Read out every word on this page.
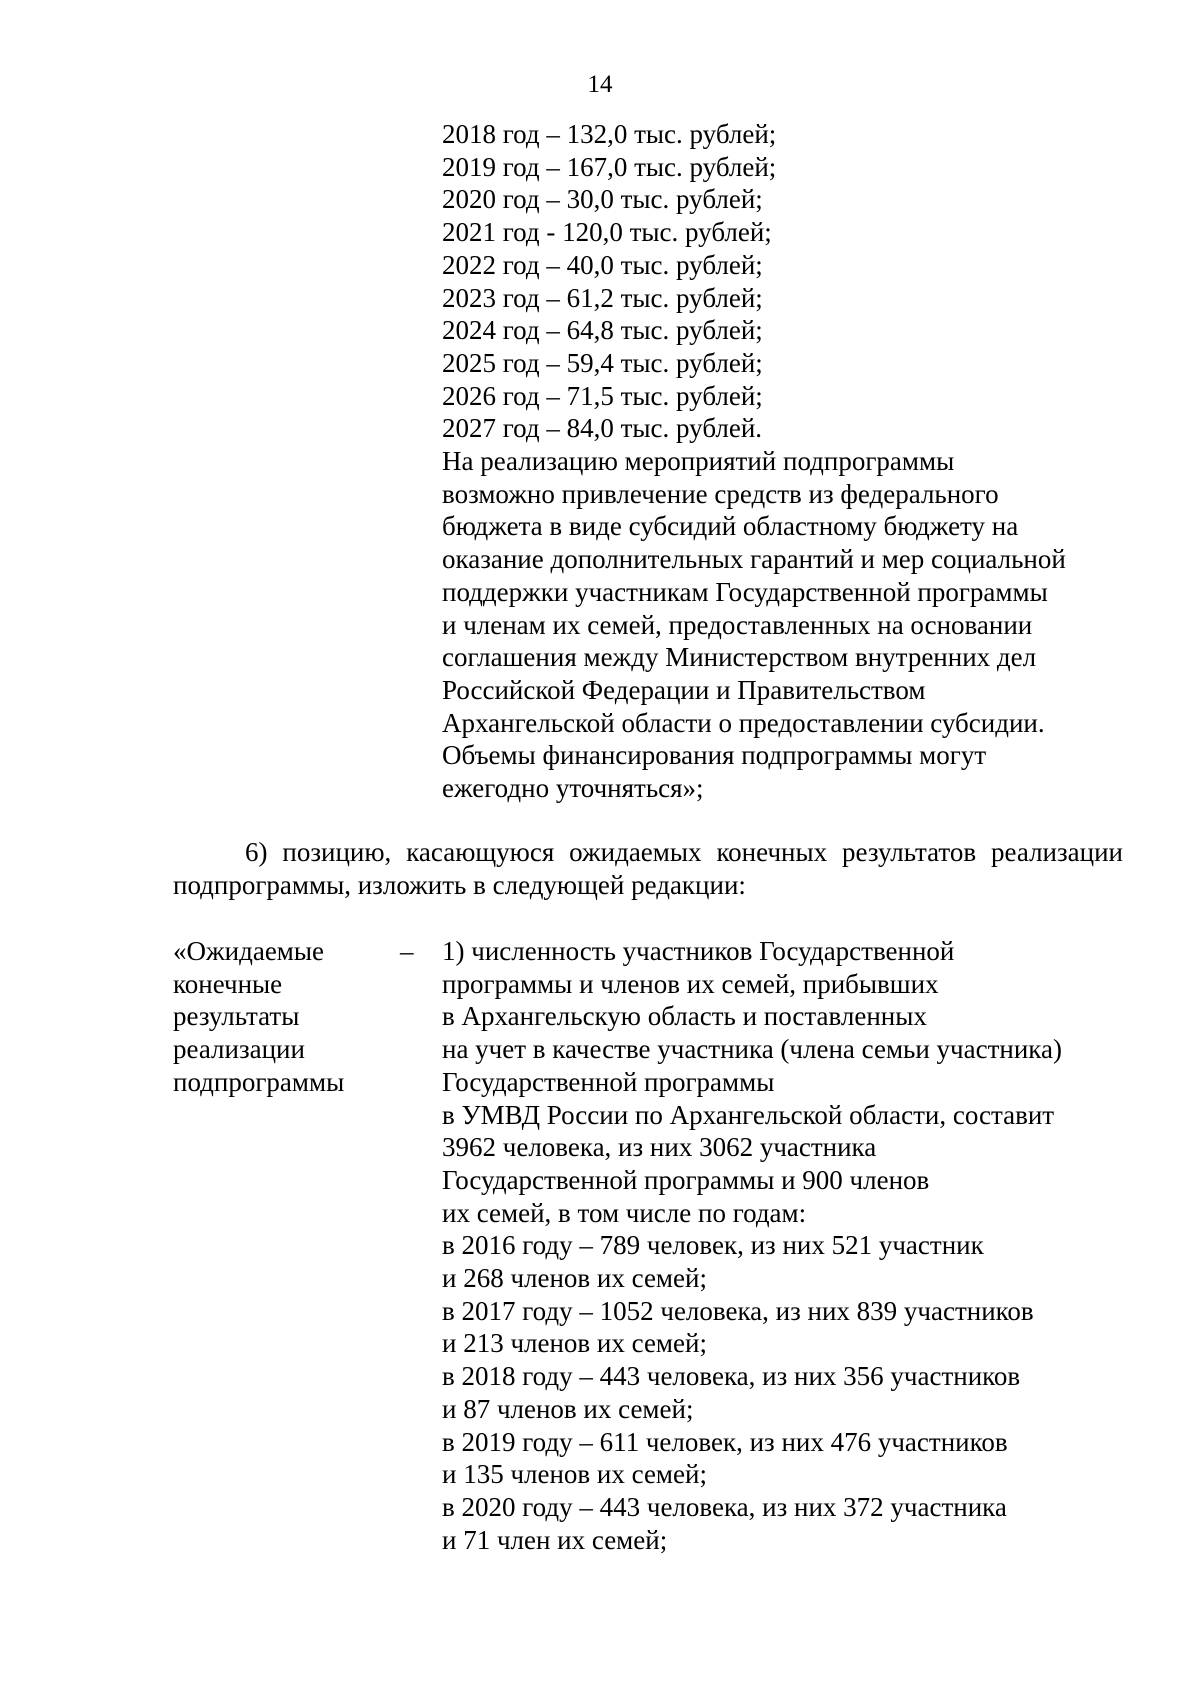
14
2018 год – 132,0 тыс. рублей;
2019 год – 167,0 тыс. рублей;
2020 год – 30,0 тыс. рублей;
2021 год - 120,0 тыс. рублей;
2022 год – 40,0 тыс. рублей;
2023 год – 61,2 тыс. рублей;
2024 год – 64,8 тыс. рублей;
2025 год – 59,4 тыс. рублей;
2026 год – 71,5 тыс. рублей;
2027 год – 84,0 тыс. рублей.
На реализацию мероприятий подпрограммы
возможно привлечение средств из федерального
бюджета в виде субсидий областному бюджету на
оказание дополнительных гарантий и мер социальной
поддержки участникам Государственной программы
и членам их семей, предоставленных на основании
соглашения между Министерством внутренних дел
Российской Федерации и Правительством
Архангельской области о предоставлении субсидии.
Объемы финансирования подпрограммы могут
ежегодно уточняться»;
6) позицию, касающуюся ожидаемых конечных результатов реализации
подпрограммы, изложить в следующей редакции:
«Ожидаемые
конечные
результаты
реализации
подпрограммы
–	1) численность участников Государственной
программы и членов их семей, прибывших
в Архангельскую область и поставленных
на учет в качестве участника (члена семьи участника)
Государственной программы
в УМВД России по Архангельской области, составит
3962 человека, из них 3062 участника
Государственной программы и 900 членов
их семей, в том числе по годам:
в 2016 году – 789 человек, из них 521 участник
и 268 членов их семей;
в 2017 году – 1052 человека, из них 839 участников
и 213 членов их семей;
в 2018 году – 443 человека, из них 356 участников
и 87 членов их семей;
в 2019 году – 611 человек, из них 476 участников
и 135 членов их семей;
в 2020 году – 443 человека, из них 372 участника
и 71 член их семей;
